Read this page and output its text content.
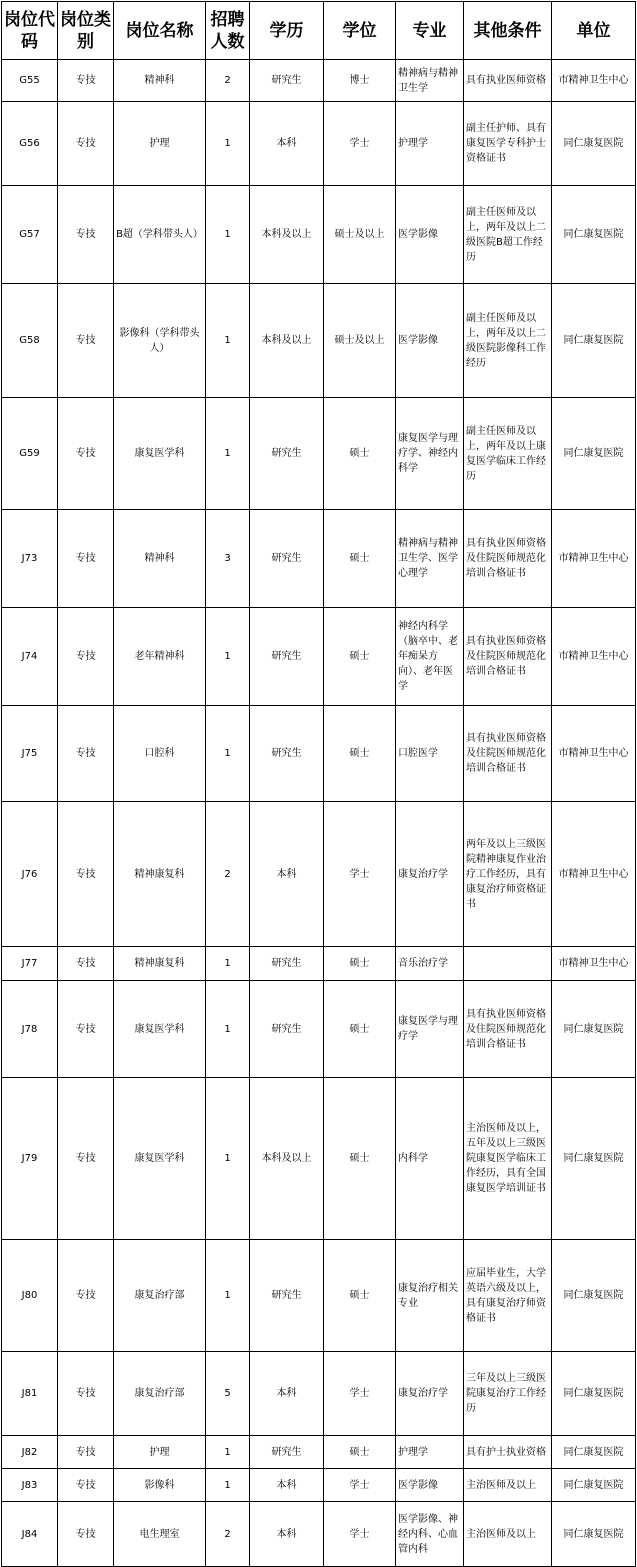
岗位代码	岗位类别	岗位名称	招聘人数	学历	学位	专业	其他条件	单位
G55	专技	精神科	2	研究生	博士	精神病与精神卫生学	具有执业医师资格	市精神卫生中心
G56	专技	护理	1	本科	学士	护理学	副主任护师、具有康复医学专科护士资格证书	同仁康复医院
G57	专技	B超（学科带头人）	1	本科及以上	硕士及以上	医学影像	副主任医师及以上，两年及以上二级医院B超工作经历	同仁康复医院
G58	专技	影像科（学科带头人）	1	本科及以上	硕士及以上	医学影像	副主任医师及以上，两年及以上二级医院影像科工作经历	同仁康复医院
G59	专技	康复医学科	1	研究生	硕士	康复医学与理疗学、神经内科学	副主任医师及以上，两年及以上康复医学临床工作经历	同仁康复医院
J73	专技	精神科	3	研究生	硕士	精神病与精神卫生学、医学心理学	具有执业医师资格及住院医师规范化培训合格证书	市精神卫生中心
J74	专技	老年精神科	1	研究生	硕士	神经内科学（脑卒中、老年痴呆方向）、老年医学	具有执业医师资格及住院医师规范化培训合格证书	市精神卫生中心
J75	专技	口腔科	1	研究生	硕士	口腔医学	具有执业医师资格及住院医师规范化培训合格证书	市精神卫生中心
J76	专技	精神康复科	2	本科	学士	康复治疗学	两年及以上三级医院精神康复作业治疗工作经历，具有康复治疗师资格证书	市精神卫生中心
J77	专技	精神康复科	1	研究生	硕士	音乐治疗学		市精神卫生中心
J78	专技	康复医学科	1	研究生	硕士	康复医学与理疗学	具有执业医师资格及住院医师规范化培训合格证书	同仁康复医院
J79	专技	康复医学科	1	本科及以上	硕士	内科学	主治医师及以上，五年及以上三级医院康复医学临床工作经历，具有全国康复医学培训证书	同仁康复医院
J80	专技	康复治疗部	1	研究生	硕士	康复治疗相关专业	应届毕业生，大学英语六级及以上，具有康复治疗师资格证书	同仁康复医院
J81	专技	康复治疗部	5	本科	学士	康复治疗学	三年及以上三级医院康复治疗工作经历	同仁康复医院
J82	专技	护理	1	研究生	硕士	护理学	具有护士执业资格	同仁康复医院
J83	专技	影像科	1	本科	学士	医学影像	主治医师及以上	同仁康复医院
J84	专技	电生理室	2	本科	学士	医学影像、神经内科、心血管内科	主治医师及以上	同仁康复医院
